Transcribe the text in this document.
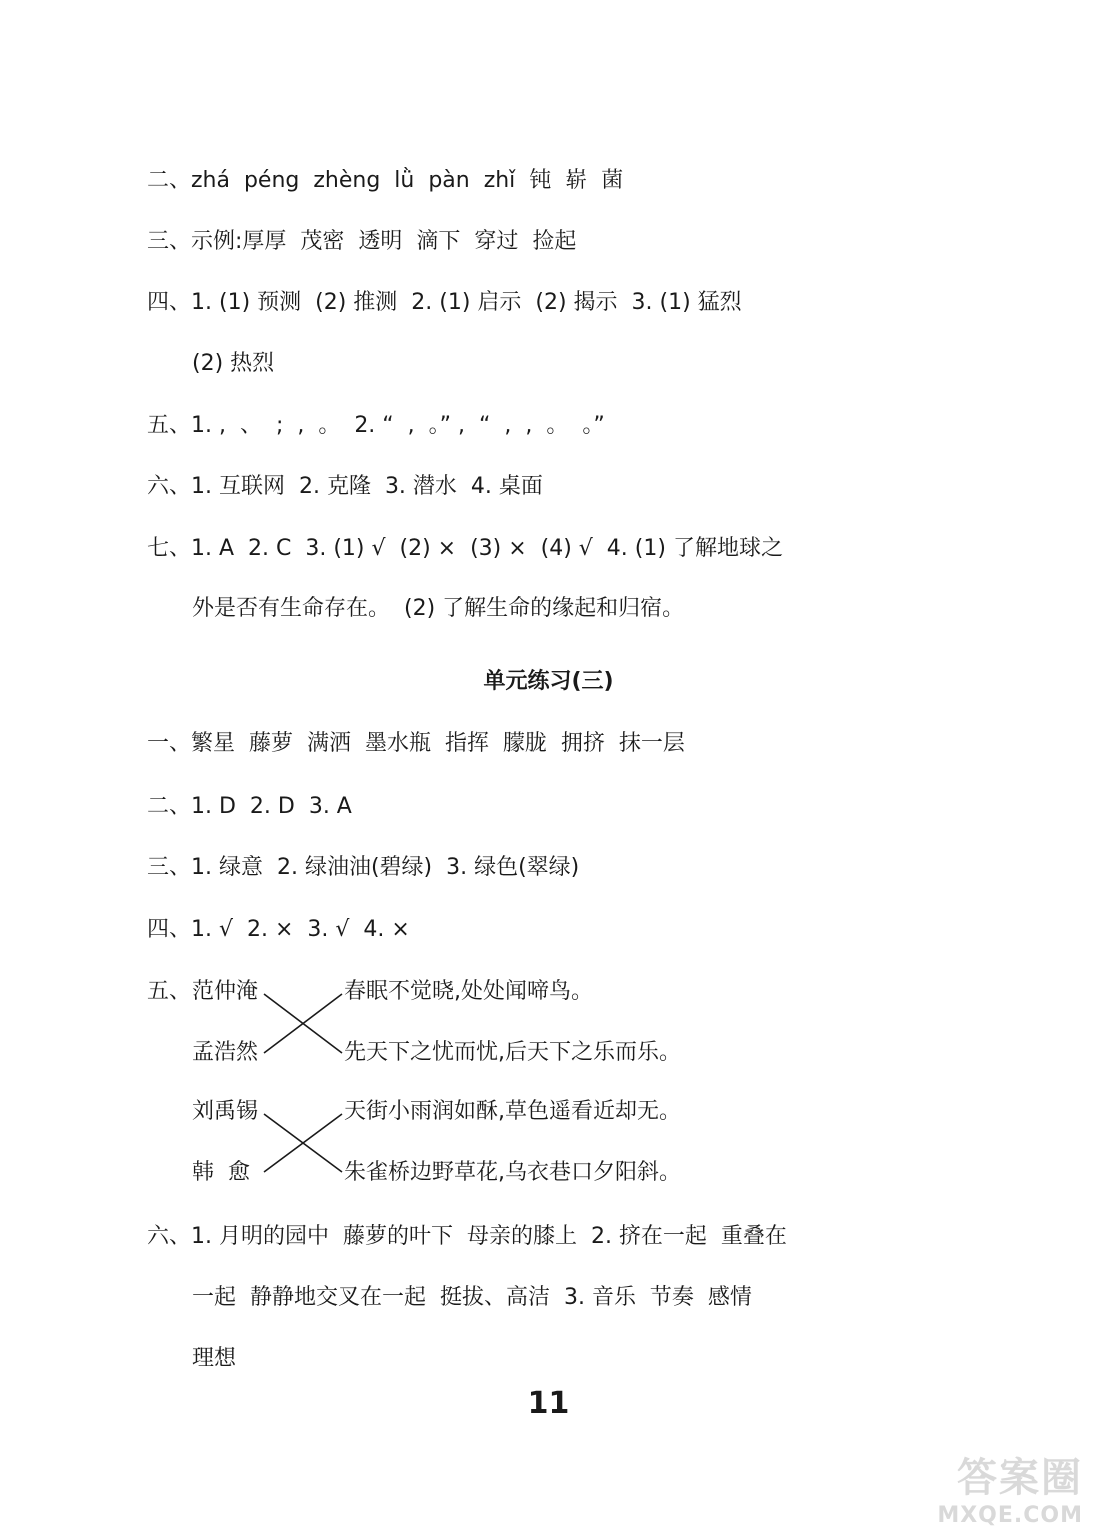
二、zhá  péng  zhèng  lǜ  pàn  zhǐ  钝  崭  菌
三、示例:厚厚  茂密  透明  滴下  穿过  捡起
四、1. (1) 预测  (2) 推测  2. (1) 启示  (2) 揭示  3. (1) 猛烈
(2) 热烈
五、1. ,  、  ;  ,  。  2. “  ,  。” ,  “  ,  ,  。  。”
六、1. 互联网  2. 克隆  3. 潜水  4. 桌面
七、1. A  2. C  3. (1) √  (2) ×  (3) ×  (4) √  4. (1) 了解地球之
外是否有生命存在。  (2) 了解生命的缘起和归宿。
单元练习(三)
一、繁星  藤萝  满洒  墨水瓶  指挥  朦胧  拥挤  抹一层
二、1. D  2. D  3. A
三、1. 绿意  2. 绿油油(碧绿)  3. 绿色(翠绿)
四、1. √  2. ×  3. √  4. ×
五、 范仲淹
孟浩然
刘禹锡
韩  愈
春眠不觉晓,处处闻啼鸟。
先天下之忧而忧,后天下之乐而乐。
天街小雨润如酥,草色遥看近却无。
朱雀桥边野草花,乌衣巷口夕阳斜。
六、1. 月明的园中  藤萝的叶下  母亲的膝上  2. 挤在一起  重叠在
一起  静静地交叉在一起  挺拔、高洁  3. 音乐  节奏  感情
理想
11
答案圈
MXQE.COM
